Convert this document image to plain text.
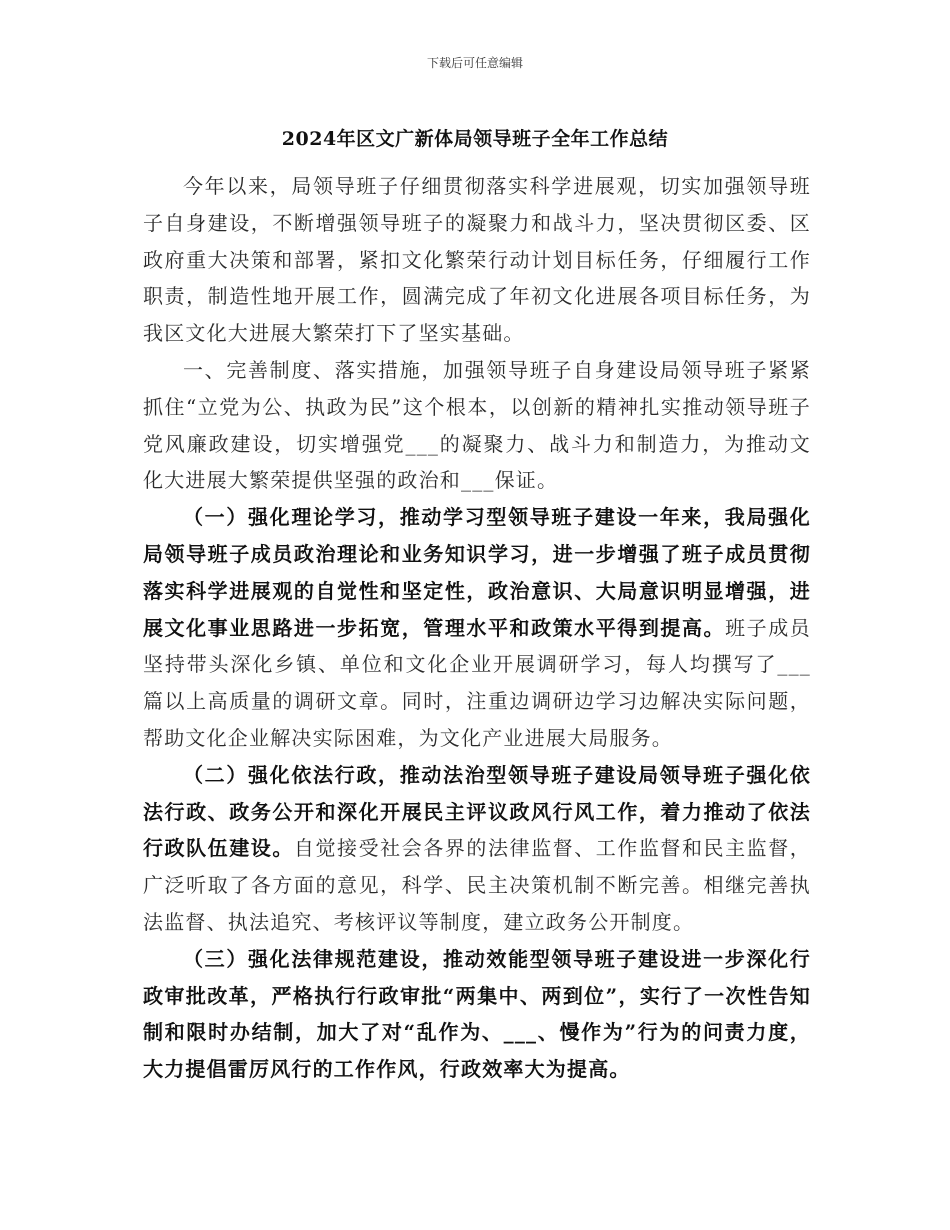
下载后可任意编辑
2024年区文广新体局领导班子全年工作总结

今年以来，局领导班子仔细贯彻落实科学进展观，切实加强领导班子自身建设，不断增强领导班子的凝聚力和战斗力，坚决贯彻区委、区政府重大决策和部署，紧扣文化繁荣行动计划目标任务，仔细履行工作职责，制造性地开展工作，圆满完成了年初文化进展各项目标任务，为我区文化大进展大繁荣打下了坚实基础。

一、完善制度、落实措施，加强领导班子自身建设局领导班子紧紧抓住“立党为公、执政为民”这个根本，以创新的精神扎实推动领导班子党风廉政建设，切实增强党___的凝聚力、战斗力和制造力，为推动文化大进展大繁荣提供坚强的政治和___保证。

（一）强化理论学习，推动学习型领导班子建设一年来，我局强化局领导班子成员政治理论和业务知识学习，进一步增强了班子成员贯彻落实科学进展观的自觉性和坚定性，政治意识、大局意识明显增强，进展文化事业思路进一步拓宽，管理水平和政策水平得到提高。班子成员坚持带头深化乡镇、单位和文化企业开展调研学习，每人均撰写了___篇以上高质量的调研文章。同时，注重边调研边学习边解决实际问题，帮助文化企业解决实际困难，为文化产业进展大局服务。

（二）强化依法行政，推动法治型领导班子建设局领导班子强化依法行政、政务公开和深化开展民主评议政风行风工作，着力推动了依法行政队伍建设。自觉接受社会各界的法律监督、工作监督和民主监督，广泛听取了各方面的意见，科学、民主决策机制不断完善。相继完善执法监督、执法追究、考核评议等制度，建立政务公开制度。

（三）强化法律规范建设，推动效能型领导班子建设进一步深化行政审批改革，严格执行行政审批“两集中、两到位”，实行了一次性告知制和限时办结制，加大了对“乱作为、___、慢作为”行为的问责力度，大力提倡雷厉风行的工作作风，行政效率大为提高。
